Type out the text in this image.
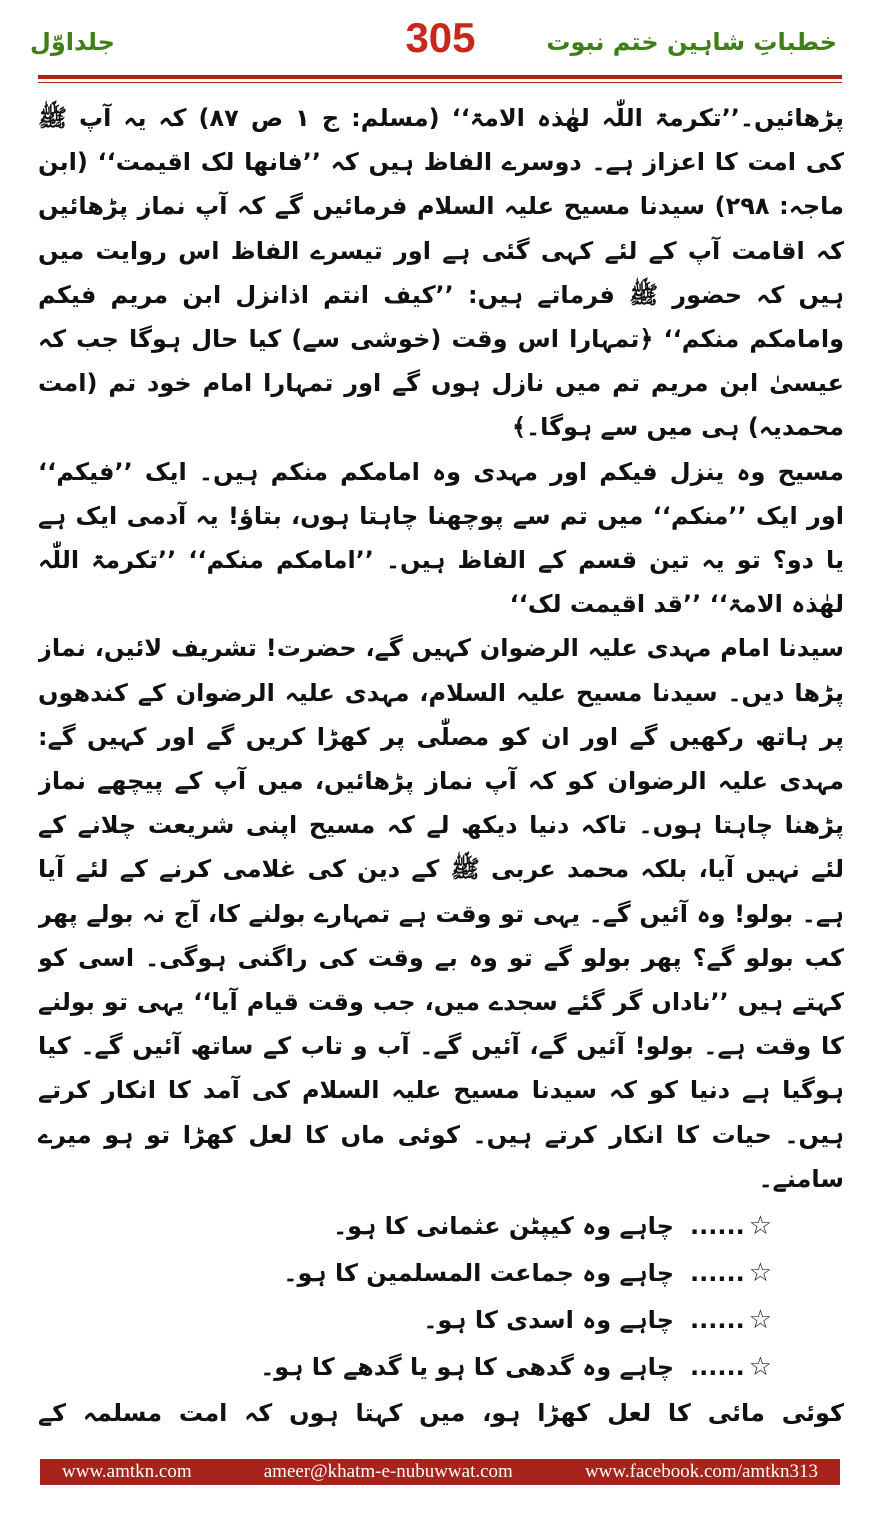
جلداوّل	305	خطباتِ شاہین ختم نبوت

پڑھائیں۔’’تکرمۃ اللّٰہ لھٰذہ الامۃ‘‘ (مسلم: ج ۱ ص ۸۷) کہ یہ آپ ﷺ کی امت کا اعزاز ہے۔ دوسرے الفاظ ہیں کہ ’’فانھا لک اقیمت‘‘ (ابن ماجہ: ۲۹۸) سیدنا مسیح علیہ السلام فرمائیں گے کہ آپ نماز پڑھائیں کہ اقامت آپ کے لئے کہی گئی ہے اور تیسرے الفاظ اس روایت میں ہیں کہ حضور ﷺ فرماتے ہیں: ’’کیف انتم اذانزل ابن مریم فیکم وامامکم منکم‘‘ ﴿تمہارا اس وقت (خوشی سے) کیا حال ہوگا جب کہ عیسیٰ ابن مریم تم میں نازل ہوں گے اور تمہارا امام خود تم (امت محمدیہ) ہی میں سے ہوگا۔﴾

مسیح وہ ینزل فیکم اور مہدی وہ امامکم منکم ہیں۔ ایک ’’فیکم‘‘ اور ایک ’’منکم‘‘ میں تم سے پوچھنا چاہتا ہوں، بتاؤ! یہ آدمی ایک ہے یا دو؟ تو یہ تین قسم کے الفاظ ہیں۔ ’’امامکم منکم‘‘ ’’تکرمۃ اللّٰہ لھٰذہ الامۃ‘‘ ’’قد اقیمت لک‘‘

سیدنا امام مہدی علیہ الرضوان کہیں گے، حضرت! تشریف لائیں، نماز پڑھا دیں۔ سیدنا مسیح علیہ السلام، مہدی علیہ الرضوان کے کندھوں پر ہاتھ رکھیں گے اور ان کو مصلّٰی پر کھڑا کریں گے اور کہیں گے: مہدی علیہ الرضوان کو کہ آپ نماز پڑھائیں، میں آپ کے پیچھے نماز پڑھنا چاہتا ہوں۔ تاکہ دنیا دیکھ لے کہ مسیح اپنی شریعت چلانے کے لئے نہیں آیا، بلکہ محمد عربی ﷺ کے دین کی غلامی کرنے کے لئے آیا ہے۔ بولو! وہ آئیں گے۔ یہی تو وقت ہے تمہارے بولنے کا، آج نہ بولے پھر کب بولو گے؟ پھر بولو گے تو وہ بے وقت کی راگنی ہوگی۔ اسی کو کہتے ہیں ’’ناداں گر گئے سجدے میں، جب وقت قیام آیا‘‘ یہی تو بولنے کا وقت ہے۔ بولو! آئیں گے، آئیں گے۔ آب و تاب کے ساتھ آئیں گے۔ کیا ہوگیا ہے دنیا کو کہ سیدنا مسیح علیہ السلام کی آمد کا انکار کرتے ہیں۔ حیات کا انکار کرتے ہیں۔ کوئی ماں کا لعل کھڑا تو ہو میرے سامنے۔

☆......چاہے وہ کیپٹن عثمانی کا ہو۔
☆......چاہے وہ جماعت المسلمین کا ہو۔
☆......چاہے وہ اسدی کا ہو۔
☆......چاہے وہ گدھی کا ہو یا گدھے کا ہو۔

کوئی مائی کا لعل کھڑا ہو، میں کہتا ہوں کہ امت مسلمہ کے

www.amtkn.com	ameer@khatm-e-nubuwwat.com	www.facebook.com/amtkn313
